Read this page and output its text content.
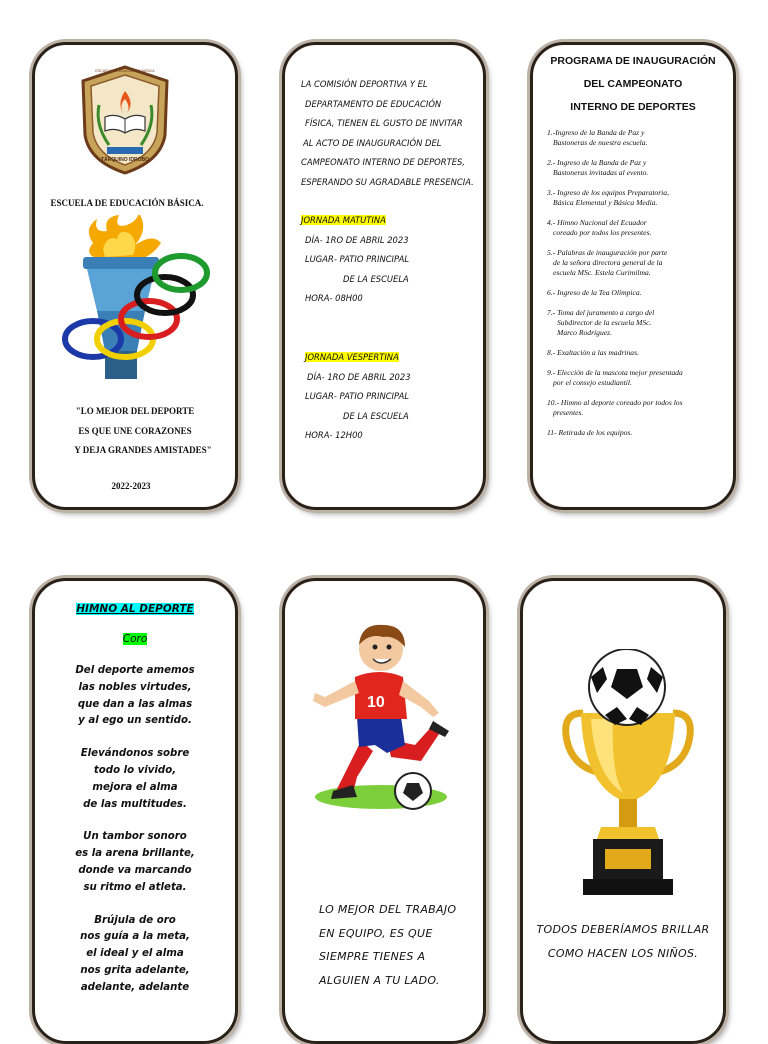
ESCUELA DE EDUCACIÓN BÁSICA
TÁRQUINO IDROBO
ESCUELA DE EDUCACIÓN BÁSICA.
"LO MEJOR DEL DEPORTE
ES QUE UNE CORAZONES
Y DEJA GRANDES AMISTADES"
2022-2023
LA COMISIÓN DEPORTIVA Y EL
DEPARTAMENTO DE EDUCACIÓN
FÍSICA, TIENEN EL GUSTO DE INVITAR
AL ACTO DE INAUGURACIÓN DEL
CAMPEONATO INTERNO DE DEPORTES,
ESPERANDO SU AGRADABLE PRESENCIA.
JORNADA MATUTINA
DÍA- 1RO DE ABRIL 2023
LUGAR- PATIO PRINCIPAL
DE LA ESCUELA
HORA- 08H00
JORNADA VESPERTINA
DÍA- 1RO DE ABRIL 2023
LUGAR- PATIO PRINCIPAL
DE LA ESCUELA
HORA- 12H00
PROGRAMA DE INAUGURACIÓN
DEL CAMPEONATO
INTERNO DE DEPORTES
1.-Ingreso de la Banda de Paz y
Bastoneras de nuestra escuela.
2.- Ingreso de la Banda de Paz y
Bastoneras invitadas al evento.
3.- Ingreso de los equipos Preparatoria,
Básica Elemental y Básica Media.
4.- Himno Nacional del Ecuador
coreado por todos los presentes.
5.- Palabras de inauguración por parte
de la señora directora general de la
escuela MSc. Estela Curimilma.
6.- Ingreso de la Tea Olímpica.
7.- Toma del juramento a cargo del
Subdirector de la escuela MSc.
Marco Rodríguez.
8.- Exaltación a las madrinas.
9.- Elección de la mascota mejor presentada
por el consejo estudiantil.
10.- Himno al deporte coreado por todos los
presentes.
11- Retirada de los equipos.
HIMNO AL DEPORTE
Coro
Del deporte amemos
las nobles virtudes,
que dan a las almas
y al ego un sentido.
Elevándonos sobre
todo lo vivido,
mejora el alma
de las multitudes.
Un tambor sonoro
es la arena brillante,
donde va marcando
su ritmo el atleta.
Brújula de oro
nos guía a la meta,
el ideal y el alma
nos grita adelante,
adelante, adelante
10
LO MEJOR DEL TRABAJO
EN EQUIPO, ES QUE
SIEMPRE TIENES A
ALGUIEN A TU LADO.
TODOS DEBERÍAMOS BRILLAR
COMO HACEN LOS NIÑOS.
